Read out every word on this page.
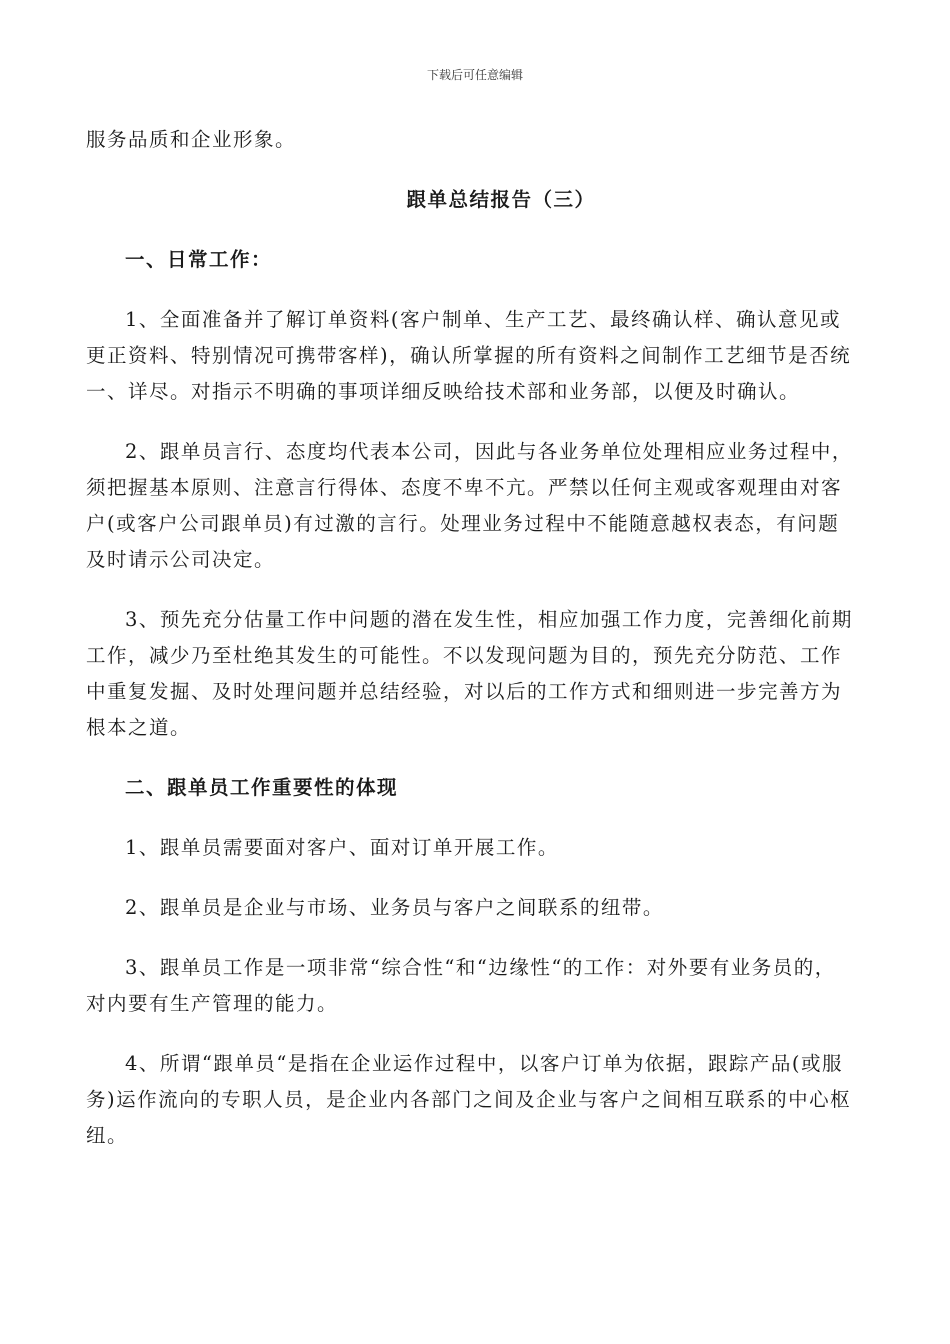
下载后可任意编辑

服务品质和企业形象。

跟单总结报告（三）

一、日常工作：

1、全面准备并了解订单资料(客户制单、生产工艺、最终确认样、确认意见或更正资料、特别情况可携带客样)，确认所掌握的所有资料之间制作工艺细节是否统一、详尽。对指示不明确的事项详细反映给技术部和业务部，以便及时确认。

2、跟单员言行、态度均代表本公司，因此与各业务单位处理相应业务过程中，须把握基本原则、注意言行得体、态度不卑不亢。严禁以任何主观或客观理由对客户(或客户公司跟单员)有过激的言行。处理业务过程中不能随意越权表态，有问题及时请示公司决定。

3、预先充分估量工作中问题的潜在发生性，相应加强工作力度，完善细化前期工作，减少乃至杜绝其发生的可能性。不以发现问题为目的，预先充分防范、工作中重复发掘、及时处理问题并总结经验，对以后的工作方式和细则进一步完善方为根本之道。

二、跟单员工作重要性的体现

1、跟单员需要面对客户、面对订单开展工作。

2、跟单员是企业与市场、业务员与客户之间联系的纽带。

3、跟单员工作是一项非常“综合性“和“边缘性“的工作：对外要有业务员的，对内要有生产管理的能力。

4、所谓“跟单员“是指在企业运作过程中，以客户订单为依据，跟踪产品(或服务)运作流向的专职人员，是企业内各部门之间及企业与客户之间相互联系的中心枢纽。
